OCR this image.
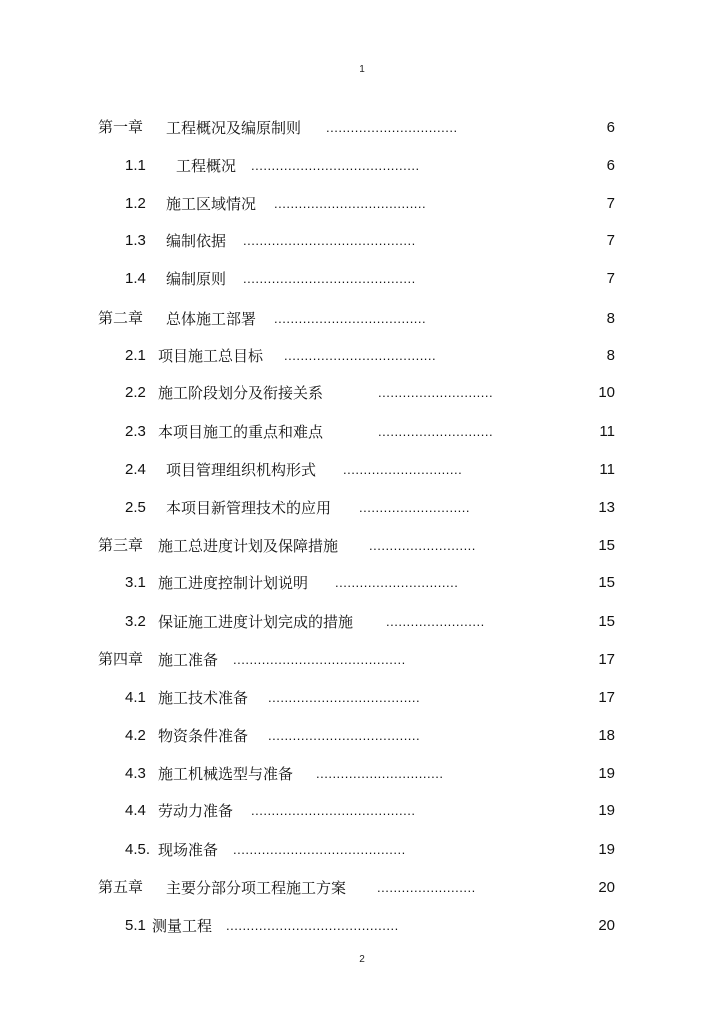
1
第一章 工程概况及编原制则 ................................	6
1.1 工程概况 .........................................	6
1.2 施工区域情况 .....................................	7
1.3 编制依据 ..........................................	7
1.4 编制原则 ..........................................	7
第二章 总体施工部署 .....................................	8
2.1 项目施工总目标 .....................................	8
2.2 施工阶段划分及衔接关系	............................	10
2.3 本项目施工的重点和难点	............................	11
2.4 项目管理组织机构形式 .............................	11
2.5 本项目新管理技术的应用 ...........................	13
第三章 施工总进度计划及保障措施 ..........................	15
3.1 施工进度控制计划说明 ..............................	15
3.2 保证施工进度计划完成的措施	........................	15
第四章 施工准备 ..........................................	17
4.1 施工技术准备 .....................................	17
4.2 物资条件准备 .....................................	18
4.3 施工机械选型与准备 ...............................	19
4.4 劳动力准备 ........................................	19
4.5. 现场准备 ..........................................	19
第五章 主要分部分项工程施工方案 ........................	20
5.1 测量工程 ..........................................	20
2
